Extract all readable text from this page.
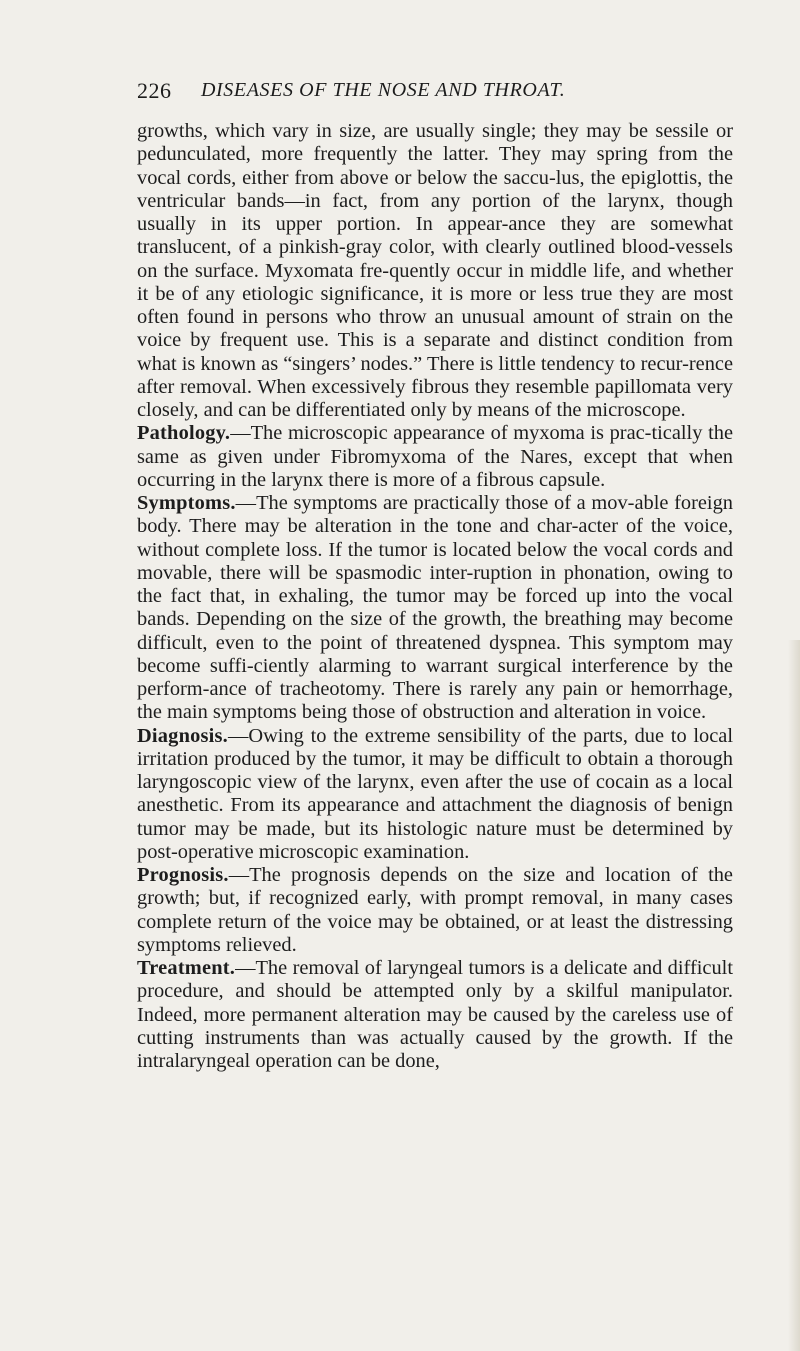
226 DISEASES OF THE NOSE AND THROAT.

growths, which vary in size, are usually single; they may be sessile or pedunculated, more frequently the latter. They may spring from the vocal cords, either from above or below the saccu-lus, the epiglottis, the ventricular bands—in fact, from any portion of the larynx, though usually in its upper portion. In appear-ance they are somewhat translucent, of a pinkish-gray color, with clearly outlined blood-vessels on the surface. Myxomata fre-quently occur in middle life, and whether it be of any etiologic significance, it is more or less true they are most often found in persons who throw an unusual amount of strain on the voice by frequent use. This is a separate and distinct condition from what is known as “singers’ nodes.” There is little tendency to recur-rence after removal. When excessively fibrous they resemble papillomata very closely, and can be differentiated only by means of the microscope.

Pathology.—The microscopic appearance of myxoma is prac-tically the same as given under Fibromyxoma of the Nares, except that when occurring in the larynx there is more of a fibrous capsule.

Symptoms.—The symptoms are practically those of a mov-able foreign body. There may be alteration in the tone and char-acter of the voice, without complete loss. If the tumor is located below the vocal cords and movable, there will be spasmodic inter-ruption in phonation, owing to the fact that, in exhaling, the tumor may be forced up into the vocal bands. Depending on the size of the growth, the breathing may become difficult, even to the point of threatened dyspnea. This symptom may become suffi-ciently alarming to warrant surgical interference by the perform-ance of tracheotomy. There is rarely any pain or hemorrhage, the main symptoms being those of obstruction and alteration in voice.

Diagnosis.—Owing to the extreme sensibility of the parts, due to local irritation produced by the tumor, it may be difficult to obtain a thorough laryngoscopic view of the larynx, even after the use of cocain as a local anesthetic. From its appearance and attachment the diagnosis of benign tumor may be made, but its histologic nature must be determined by post-operative microscopic examination.

Prognosis.—The prognosis depends on the size and location of the growth; but, if recognized early, with prompt removal, in many cases complete return of the voice may be obtained, or at least the distressing symptoms relieved.

Treatment.—The removal of laryngeal tumors is a delicate and difficult procedure, and should be attempted only by a skilful manipulator. Indeed, more permanent alteration may be caused by the careless use of cutting instruments than was actually caused by the growth. If the intralaryngeal operation can be done,
